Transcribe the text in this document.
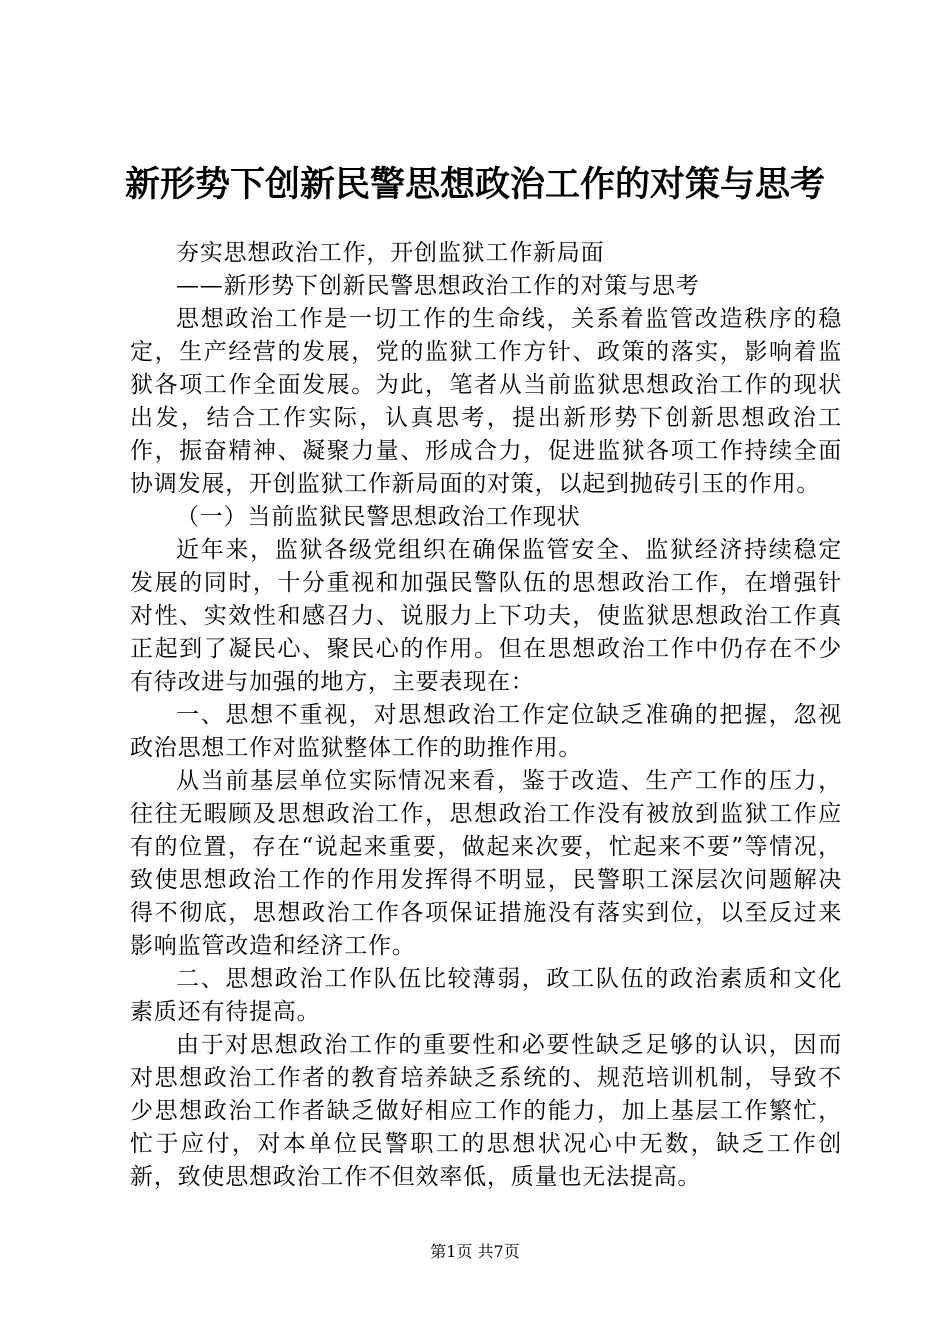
新形势下创新民警思想政治工作的对策与思考

夯实思想政治工作，开创监狱工作新局面

——新形势下创新民警思想政治工作的对策与思考

思想政治工作是一切工作的生命线，关系着监管改造秩序的稳定，生产经营的发展，党的监狱工作方针、政策的落实，影响着监狱各项工作全面发展。为此，笔者从当前监狱思想政治工作的现状出发，结合工作实际，认真思考，提出新形势下创新思想政治工作，振奋精神、凝聚力量、形成合力，促进监狱各项工作持续全面协调发展，开创监狱工作新局面的对策，以起到抛砖引玉的作用。

（一）当前监狱民警思想政治工作现状

近年来，监狱各级党组织在确保监管安全、监狱经济持续稳定发展的同时，十分重视和加强民警队伍的思想政治工作，在增强针对性、实效性和感召力、说服力上下功夫，使监狱思想政治工作真正起到了凝民心、聚民心的作用。但在思想政治工作中仍存在不少有待改进与加强的地方，主要表现在：

一、思想不重视，对思想政治工作定位缺乏准确的把握，忽视政治思想工作对监狱整体工作的助推作用。

从当前基层单位实际情况来看，鉴于改造、生产工作的压力，往往无暇顾及思想政治工作，思想政治工作没有被放到监狱工作应有的位置，存在“说起来重要，做起来次要，忙起来不要”等情况，致使思想政治工作的作用发挥得不明显，民警职工深层次问题解决得不彻底，思想政治工作各项保证措施没有落实到位，以至反过来影响监管改造和经济工作。

二、思想政治工作队伍比较薄弱，政工队伍的政治素质和文化素质还有待提高。

由于对思想政治工作的重要性和必要性缺乏足够的认识，因而对思想政治工作者的教育培养缺乏系统的、规范培训机制，导致不少思想政治工作者缺乏做好相应工作的能力，加上基层工作繁忙，忙于应付，对本单位民警职工的思想状况心中无数，缺乏工作创新，致使思想政治工作不但效率低，质量也无法提高。

第1页 共7页
